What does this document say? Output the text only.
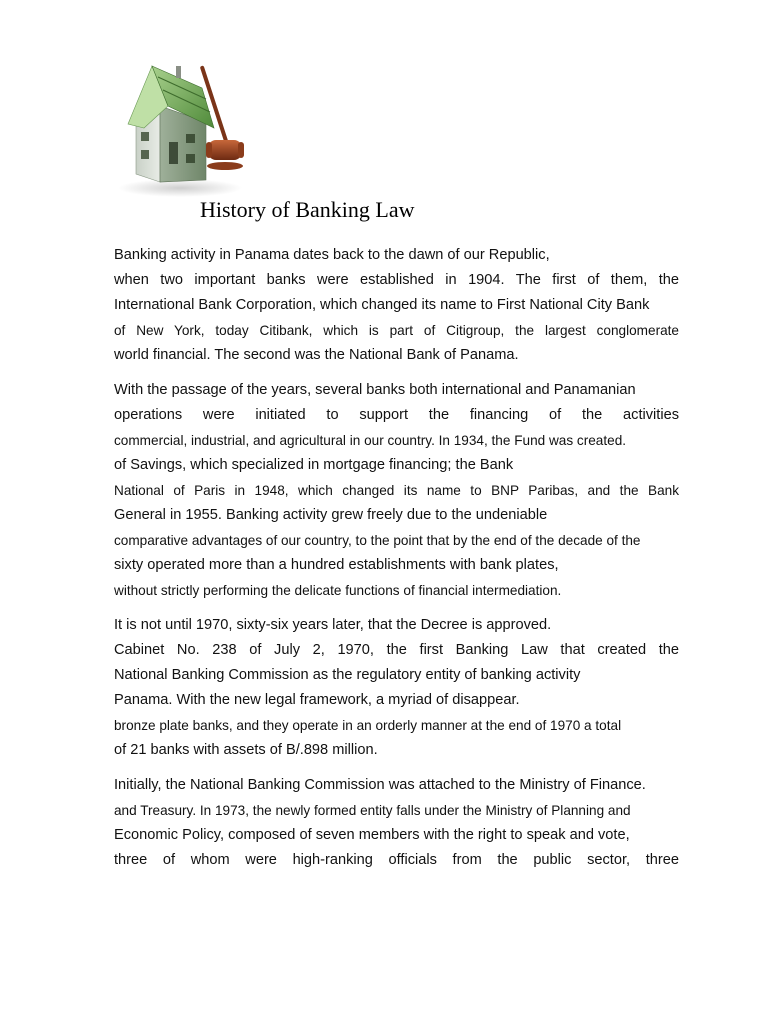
History of Banking Law
Banking activity in Panama dates back to the dawn of our Republic,
when two important banks were established in 1904. The first of them, the
International Bank Corporation, which changed its name to First National City Bank
of New York, today Citibank, which is part of Citigroup, the largest conglomerate
world financial. The second was the National Bank of Panama.
With the passage of the years, several banks both international and Panamanian
operations were initiated to support the financing of the activities
commercial, industrial, and agricultural in our country. In 1934, the Fund was created.
of Savings, which specialized in mortgage financing; the Bank
National of Paris in 1948, which changed its name to BNP Paribas, and the Bank
General in 1955. Banking activity grew freely due to the undeniable
comparative advantages of our country, to the point that by the end of the decade of the
sixty operated more than a hundred establishments with bank plates,
without strictly performing the delicate functions of financial intermediation.
It is not until 1970, sixty-six years later, that the Decree is approved.
Cabinet No. 238 of July 2, 1970, the first Banking Law that created the
National Banking Commission as the regulatory entity of banking activity
Panama. With the new legal framework, a myriad of disappear.
bronze plate banks, and they operate in an orderly manner at the end of 1970 a total
of 21 banks with assets of B/.898 million.
Initially, the National Banking Commission was attached to the Ministry of Finance.
and Treasury. In 1973, the newly formed entity falls under the Ministry of Planning and
Economic Policy, composed of seven members with the right to speak and vote,
three of whom were high-ranking officials from the public sector, three
